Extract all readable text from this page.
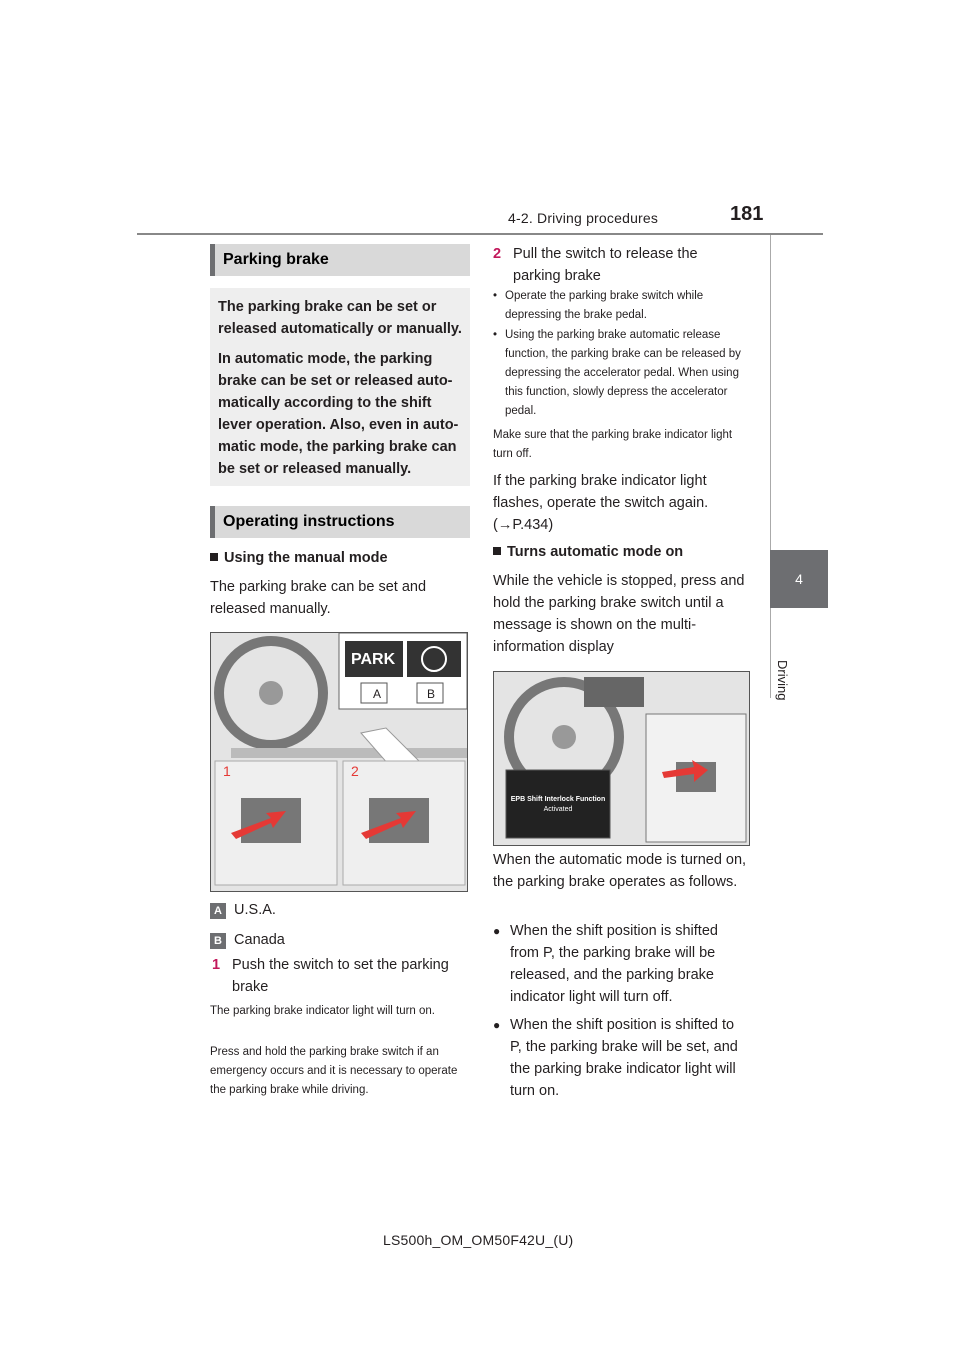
4-2. Driving procedures	181
4
Driving
Parking brake
The parking brake can be set or released automatically or manually.
In automatic mode, the parking brake can be set or released auto-matically according to the shift lever operation. Also, even in auto-matic mode, the parking brake can be set or released manually.
Operating instructions
Using the manual mode
The parking brake can be set and released manually.
PARK
A	B
1	2
A U.S.A.
B Canada
1 Push the switch to set the parking brake
The parking brake indicator light will turn on.
Press and hold the parking brake switch if an emergency occurs and it is necessary to operate the parking brake while driving.
2 Pull the switch to release the parking brake
• Operate the parking brake switch while depressing the brake pedal.
• Using the parking brake automatic release function, the parking brake can be released by depressing the accelerator pedal. When using this function, slowly depress the accelerator pedal.
Make sure that the parking brake indicator light turn off.
If the parking brake indicator light flashes, operate the switch again. (→P.434)
Turns automatic mode on
While the vehicle is stopped, press and hold the parking brake switch until a message is shown on the multi-information display
EPB Shift Interlock Function
Activated
When the automatic mode is turned on, the parking brake operates as follows.
● When the shift position is shifted from P, the parking brake will be released, and the parking brake indicator light will turn off.
● When the shift position is shifted to P, the parking brake will be set, and the parking brake indicator light will turn on.
LS500h_OM_OM50F42U_(U)
